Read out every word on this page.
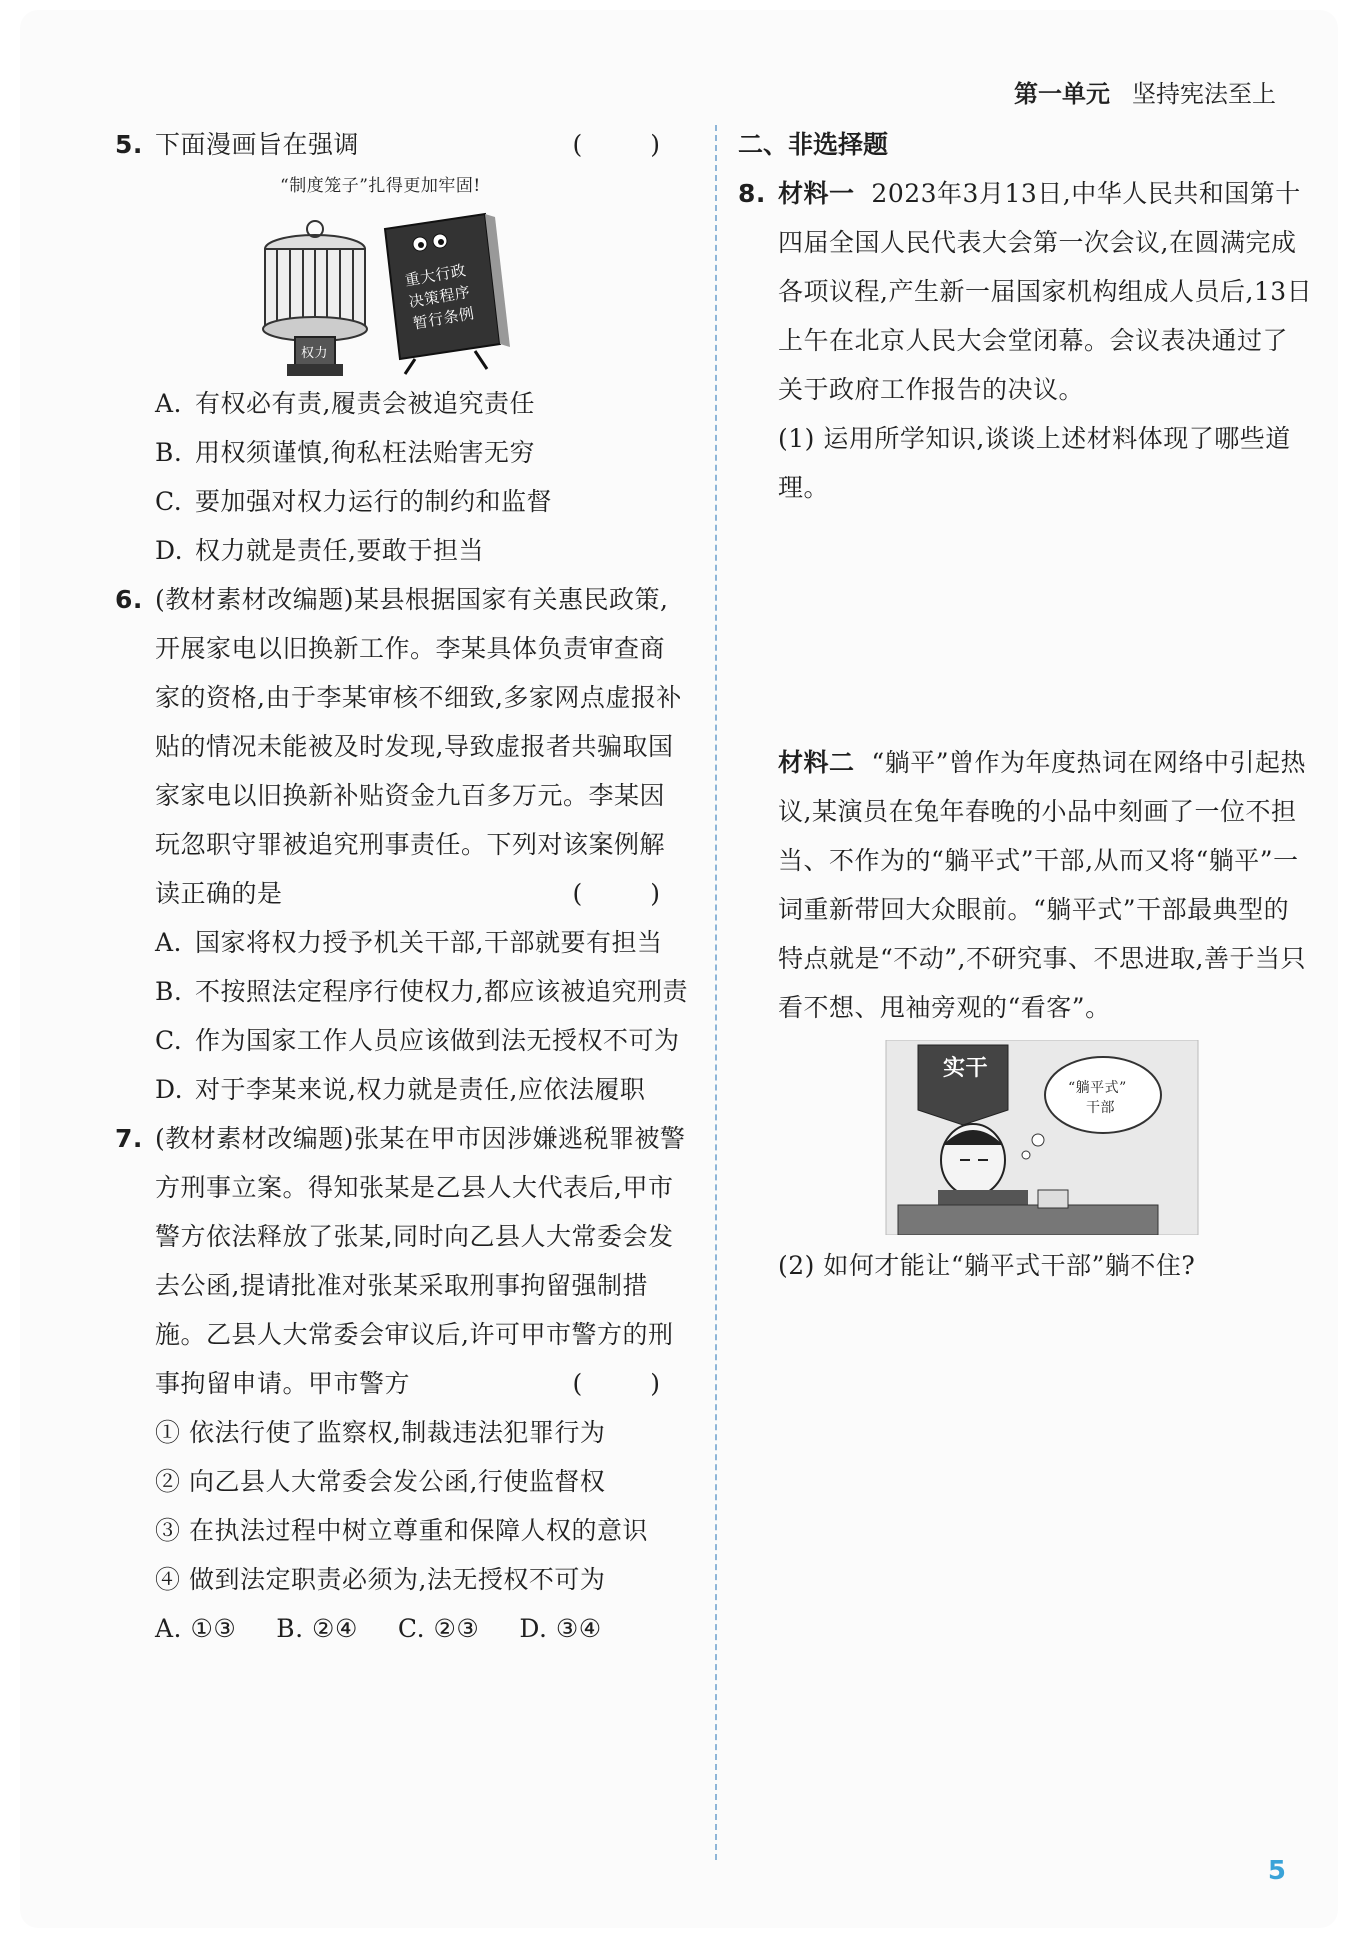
第一单元 坚持宪法至上
5. 下面漫画旨在强调	( )
“制度笼子”扎得更加牢固!
权力
重大行政
决策程序
暂行条例
A. 有权必有责,履责会被追究责任
B. 用权须谨慎,徇私枉法贻害无穷
C. 要加强对权力运行的制约和监督
D. 权力就是责任,要敢于担当
6. (教材素材改编题)某县根据国家有关惠民政策,开展家电以旧换新工作。李某具体负责审查商家的资格,由于李某审核不细致,多家网点虚报补贴的情况未能被及时发现,导致虚报者共骗取国家家电以旧换新补贴资金九百多万元。李某因玩忽职守罪被追究刑事责任。下列对该案例解读正确的是	( )
A. 国家将权力授予机关干部,干部就要有担当
B. 不按照法定程序行使权力,都应该被追究刑责
C. 作为国家工作人员应该做到法无授权不可为
D. 对于李某来说,权力就是责任,应依法履职
7. (教材素材改编题)张某在甲市因涉嫌逃税罪被警方刑事立案。得知张某是乙县人大代表后,甲市警方依法释放了张某,同时向乙县人大常委会发去公函,提请批准对张某采取刑事拘留强制措施。乙县人大常委会审议后,许可甲市警方的刑事拘留申请。甲市警方	( )
① 依法行使了监察权,制裁违法犯罪行为
② 向乙县人大常委会发公函,行使监督权
③ 在执法过程中树立尊重和保障人权的意识
④ 做到法定职责必须为,法无授权不可为
A. ①③ B. ②④ C. ②③ D. ③④
二、非选择题
8. 材料一 2023年3月13日,中华人民共和国第十四届全国人民代表大会第一次会议,在圆满完成各项议程,产生新一届国家机构组成人员后,13日上午在北京人民大会堂闭幕。会议表决通过了关于政府工作报告的决议。
(1) 运用所学知识,谈谈上述材料体现了哪些道理。
材料二 “躺平”曾作为年度热词在网络中引起热议,某演员在兔年春晚的小品中刻画了一位不担当、不作为的“躺平式”干部,从而又将“躺平”一词重新带回大众眼前。“躺平式”干部最典型的特点就是“不动”,不研究事、不思进取,善于当只看不想、甩袖旁观的“看客”。
实干
“躺平式”
干部
(2) 如何才能让“躺平式干部”躺不住?
5
